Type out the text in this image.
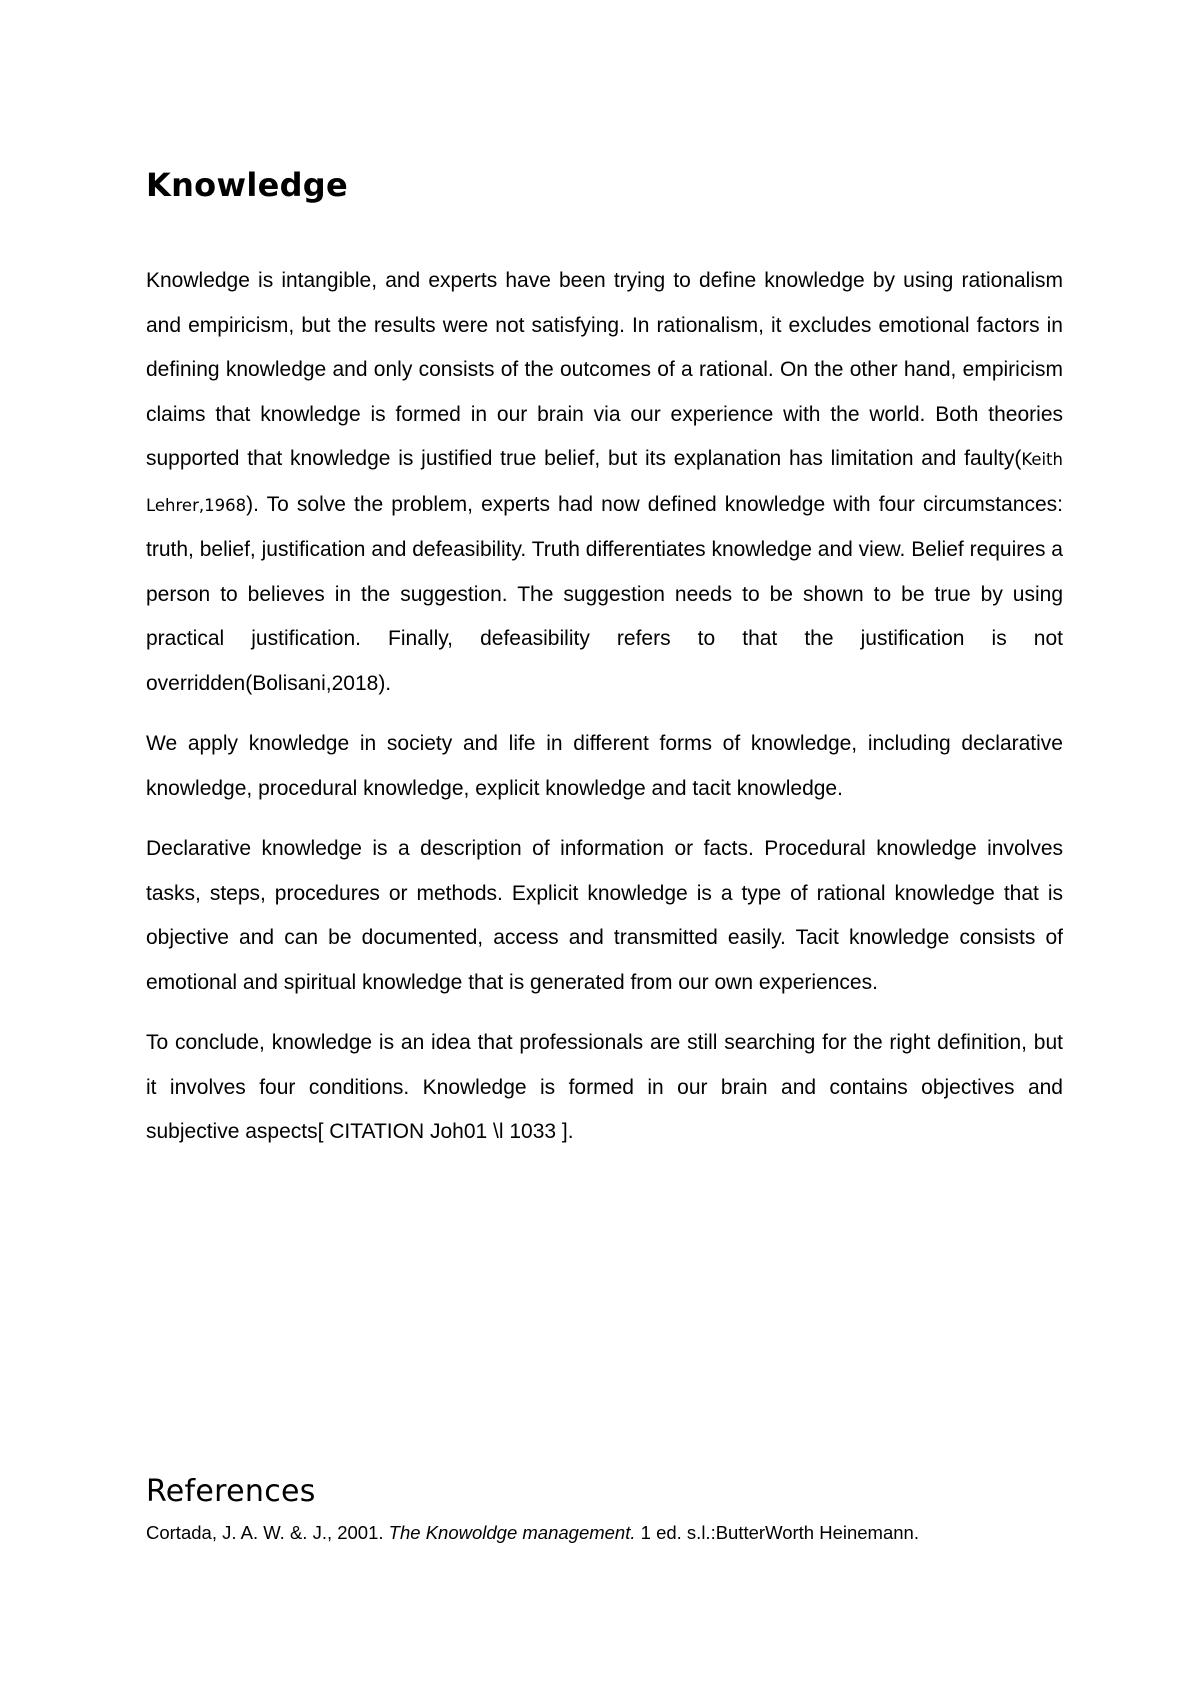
Knowledge

Knowledge is intangible, and experts have been trying to define knowledge by using rationalism and empiricism, but the results were not satisfying. In rationalism, it excludes emotional factors in defining knowledge and only consists of the outcomes of a rational. On the other hand, empiricism claims that knowledge is formed in our brain via our experience with the world. Both theories supported that knowledge is justified true belief, but its explanation has limitation and faulty(Keith Lehrer,1968). To solve the problem, experts had now defined knowledge with four circumstances: truth, belief, justification and defeasibility. Truth differentiates knowledge and view. Belief requires a person to believes in the suggestion. The suggestion needs to be shown to be true by using practical justification. Finally, defeasibility refers to that the justification is not overridden(Bolisani,2018).

We apply knowledge in society and life in different forms of knowledge, including declarative knowledge, procedural knowledge, explicit knowledge and tacit knowledge.

Declarative knowledge is a description of information or facts. Procedural knowledge involves tasks, steps, procedures or methods. Explicit knowledge is a type of rational knowledge that is objective and can be documented, access and transmitted easily. Tacit knowledge consists of emotional and spiritual knowledge that is generated from our own experiences.

To conclude, knowledge is an idea that professionals are still searching for the right definition, but it involves four conditions. Knowledge is formed in our brain and contains objectives and subjective aspects[ CITATION Joh01 \l 1033 ].

References

Cortada, J. A. W. &. J., 2001. The Knowoldge management. 1 ed. s.l.:ButterWorth Heinemann.
